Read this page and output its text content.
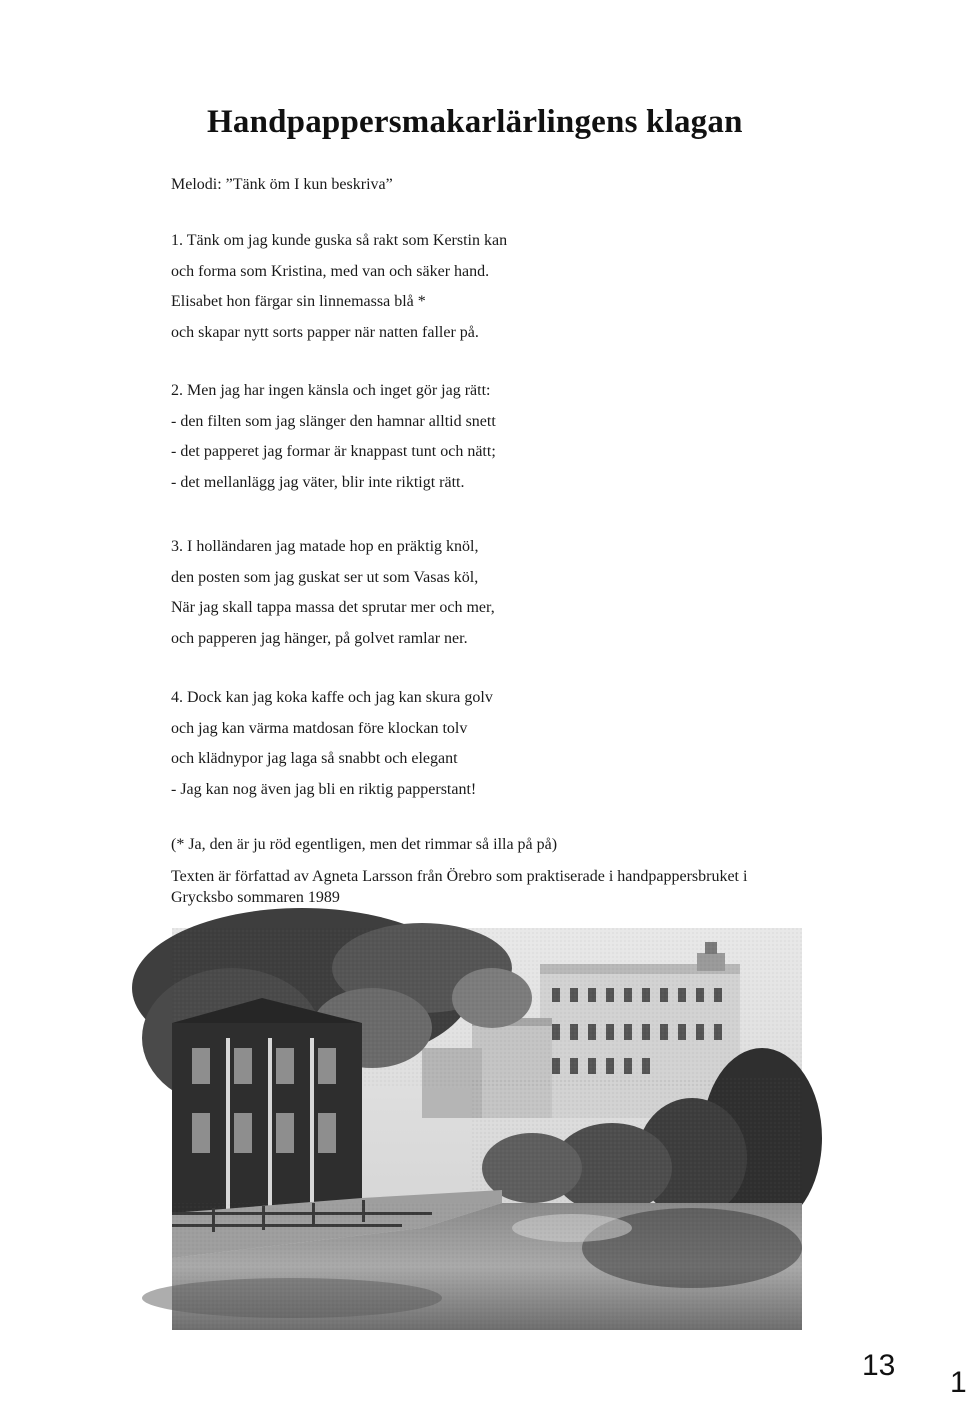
Handpappersmakarlärlingens klagan
Melodi: ”Tänk öm I kun beskriva”
1. Tänk om jag kunde guska så rakt som Kerstin kan
och forma som Kristina, med van och säker hand.
Elisabet hon färgar sin linnemassa blå *
och skapar nytt sorts papper när natten faller på.
2. Men jag har ingen känsla och inget gör jag rätt:
- den filten som jag slänger den hamnar alltid snett
- det papperet jag formar är knappast tunt och nätt;
- det mellanlägg jag väter, blir inte riktigt rätt.
3. I holländaren jag matade hop en präktig knöl,
den posten som jag guskat ser ut som Vasas köl,
När jag skall tappa massa det sprutar mer och mer,
och papperen jag hänger, på golvet ramlar ner.
4. Dock kan jag koka kaffe och jag kan skura golv
och jag kan värma matdosan före klockan tolv
och klädnypor jag laga så snabbt och elegant
- Jag kan nog även jag bli en riktig papperstant!
(* Ja, den är ju röd egentligen, men det rimmar så illa på på)
Texten är författad av Agneta Larsson från Örebro som praktiserade i handpappersbruket i
Grycksbo sommaren 1989
13
1
